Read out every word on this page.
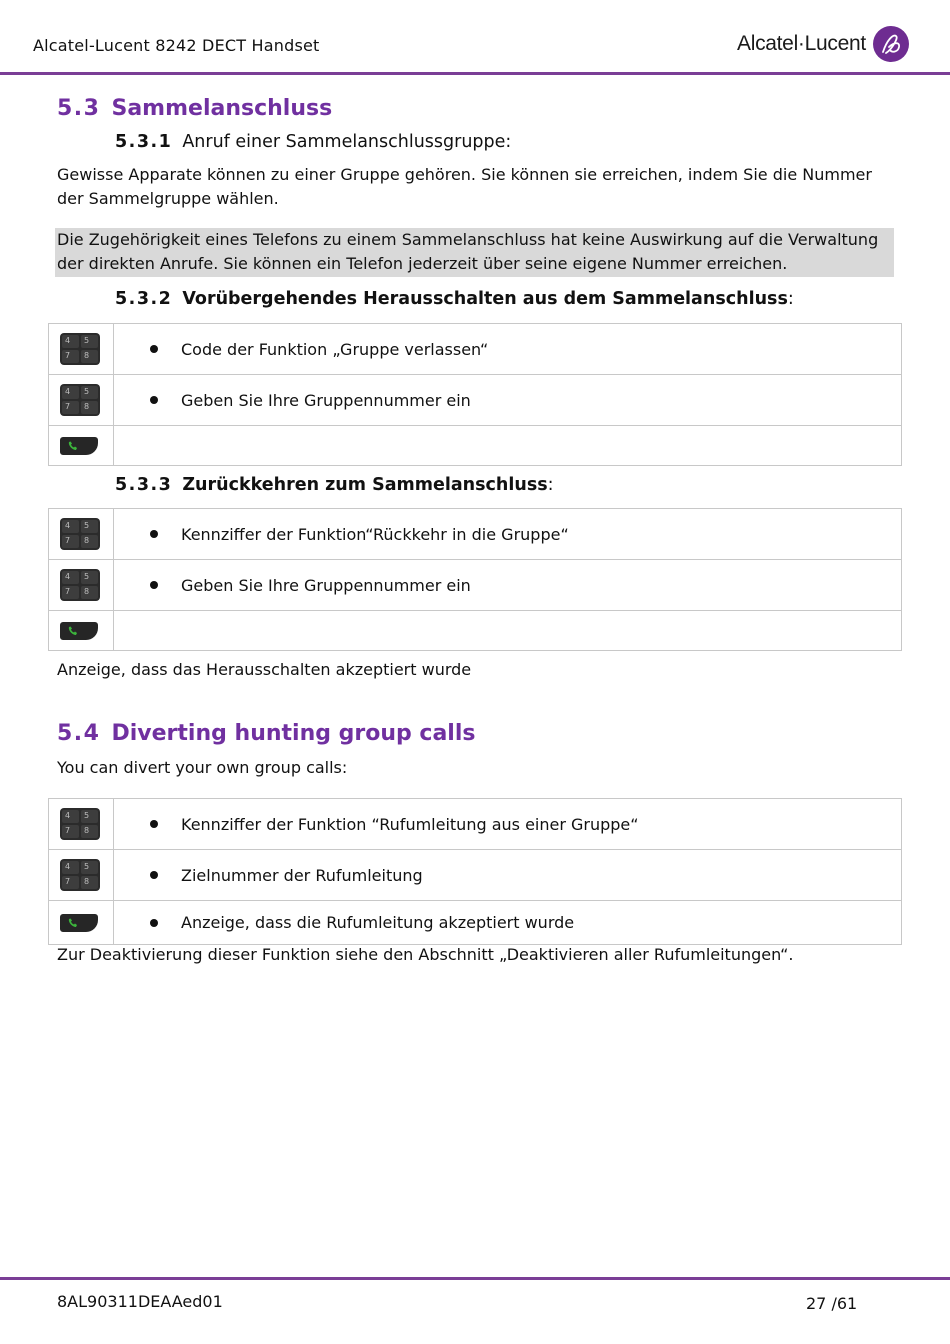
Alcatel-Lucent 8242 DECT Handset	Alcatel·Lucent
5.3 Sammelanschluss
5.3.1 Anruf einer Sammelanschlussgruppe:
Gewisse Apparate können zu einer Gruppe gehören. Sie können sie erreichen, indem Sie die Nummer der Sammelgruppe wählen.
Die Zugehörigkeit eines Telefons zu einem Sammelanschluss hat keine Auswirkung auf die Verwaltung der direkten Anrufe. Sie können ein Telefon jederzeit über seine eigene Nummer erreichen.
5.3.2 Vorübergehendes Herausschalten aus dem Sammelanschluss:
4 5
7 8	Code der Funktion „Gruppe verlassen“

4 5
7 8	Geben Sie Ihre Gruppennummer ein

5.3.3 Zurückkehren zum Sammelanschluss:
4 5
7 8	Kennziffer der Funktion“Rückkehr in die Gruppe“

4 5
7 8	Geben Sie Ihre Gruppennummer ein

Anzeige, dass das Herausschalten akzeptiert wurde
5.4 Diverting hunting group calls
You can divert your own group calls:
4 5
7 8	Kennziffer der Funktion “Rufumleitung aus einer Gruppe“

4 5
7 8	Zielnummer der Rufumleitung

Anzeige, dass die Rufumleitung akzeptiert wurde
Zur Deaktivierung dieser Funktion siehe den Abschnitt „Deaktivieren aller Rufumleitungen“.
8AL90311DEAAed01	27 /61
